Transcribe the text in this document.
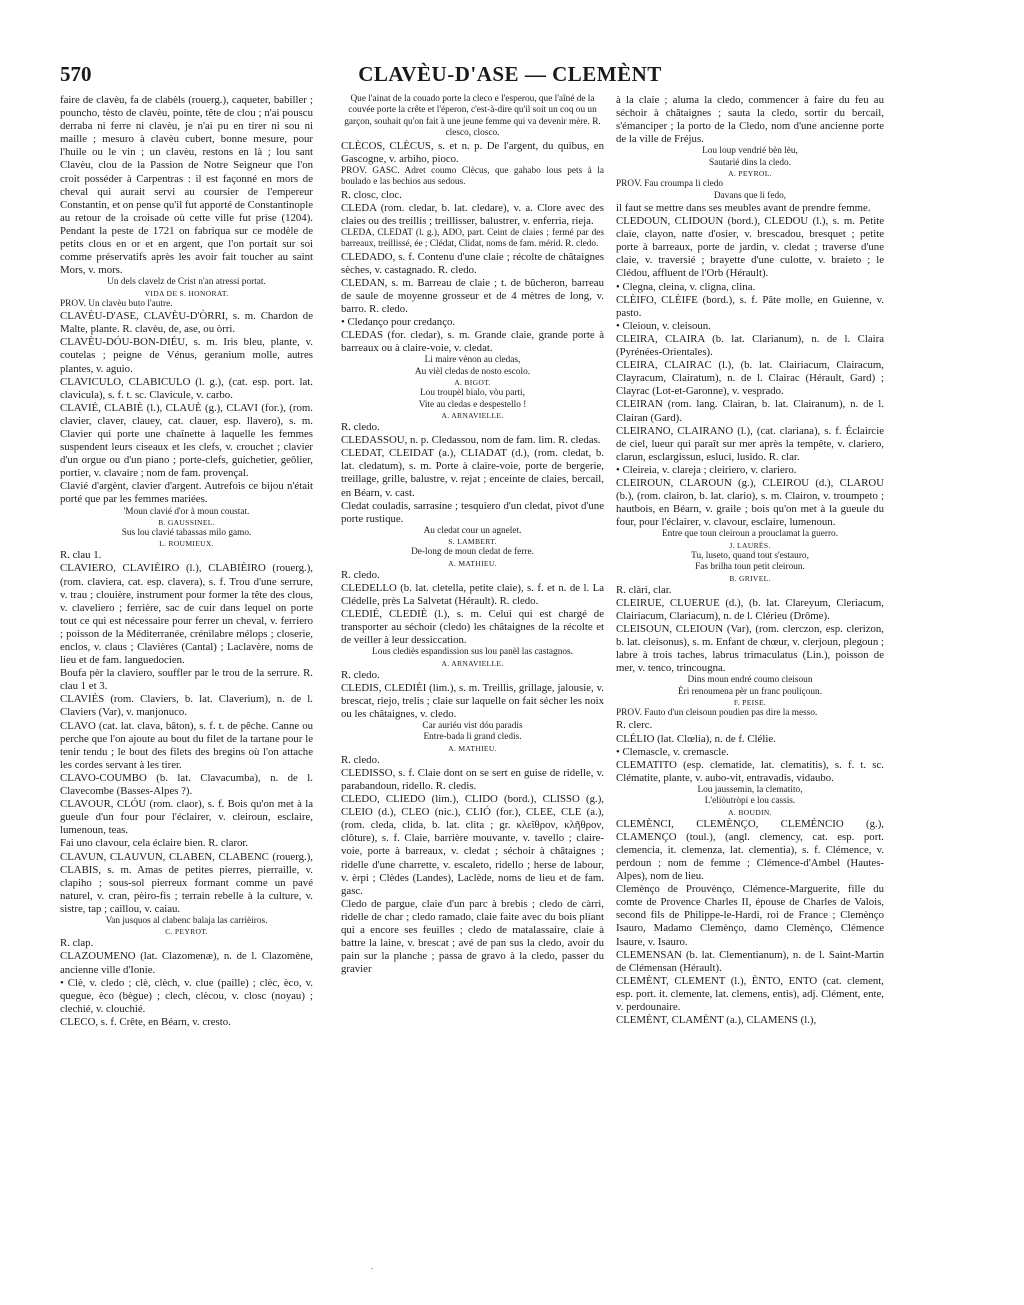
570	CLAVÈU-D'ASE — CLEMÈNT

faire de clavèu, fa de clabèls (rouerg.), caqueter, babiller ; pouncho, tèsto de clavèu, pointe, tête de clou ; n'ai pouscu derraba ni ferre ni clavèu, je n'ai pu en tirer ni sou ni maille ; mesuro à clavèu cubert, bonne mesure, pour l'huile ou le vin ; un clavèu, restons en là ; lou sant Clavèu, clou de la Passion de Notre Seigneur que l'on croit posséder à Carpentras : il est façonné en mors de cheval qui aurait servi au coursier de l'empereur Constantin, et on pense qu'il fut apporté de Constantinople au retour de la croisade où cette ville fut prise (1204). Pendant la peste de 1721 on fabriqua sur ce modèle de petits clous en or et en argent, que l'on portait sur soi comme préservatifs après les avoir fait toucher au saint Mors, v. mors.

Un dels clavelz de Crist n'an atressi portat.

VIDA DE S. HONORAT.

PROV. Un clavèu buto l'autre.

CLAVÈU-D'ASE, CLAVÈU-D'ÒRRI, s. m. Chardon de Malte, plante. R. clavèu, de, ase, ou òrri.

CLAVÈU-DÓU-BON-DIÉU, s. m. Iris bleu, plante, v. coutelas ; peigne de Vénus, geranium molle, autres plantes, v. aguio.

CLAVICULO, CLABICULO (l. g.), (cat. esp. port. lat. clavicula), s. f. t. sc. Clavicule, v. carbo.

CLAVIÉ, CLABIÈ (l.), CLAUÈ (g.), CLAVI (for.), (rom. clavier, claver, clauey, cat. clauer, esp. llavero), s. m. Clavier qui porte une chaînette à laquelle les femmes suspendent leurs ciseaux et les clefs, v. crouchet ; clavier d'un orgue ou d'un piano ; porte-clefs, guichetier, geôlier, portier, v. clavaire ; nom de fam. provençal.

Clavié d'argènt, clavier d'argent. Autrefois ce bijou n'était porté que par les femmes mariées.

'Moun clavié d'or à moun coustat.

B. GAUSSINEL.

Sus lou clavié tabassas milo gamo.

L. ROUMIEUX.

R. clau 1.

CLAVIERO, CLAVIÈIRO (l.), CLABIÈIRO (rouerg.), (rom. claviera, cat. esp. clavera), s. f. Trou d'une serrure, v. trau ; clouière, instrument pour former la tête des clous, v. claveliero ; ferrière, sac de cuir dans lequel on porte tout ce qui est nécessaire pour ferrer un cheval, v. ferriero ; poisson de la Méditerranée, crénilabre mélops ; closerie, enclos, v. claus ; Clavières (Cantal) ; Laclavère, noms de lieu et de fam. languedocien.

Boufa pèr la claviero, souffler par le trou de la serrure. R. clau 1 et 3.

CLAVIÉS (rom. Claviers, b. lat. Claverium), n. de l. Claviers (Var), v. manjonuco.

CLAVO (cat. lat. clava, bâton), s. f. t. de pêche. Canne ou perche que l'on ajoute au bout du filet de la tartane pour le tenir tendu ; le bout des filets des bregins où l'on attache les cordes servant à les tirer.

CLAVO-COUMBO (b. lat. Clavacumba), n. de l. Clavecombe (Basses-Alpes ?).

CLAVOUR, CLÓU (rom. claor), s. f. Bois qu'on met à la gueule d'un four pour l'éclairer, v. cleiroun, esclaire, lumenoun, teas.

Fai uno clavour, cela éclaire bien. R. claror.

CLAVUN, CLAUVUN, CLABEN, CLABENC (rouerg.), CLABIS, s. m. Amas de petites pierres, pierraille, v. clapiho ; sous-sol pierreux formant comme un pavé naturel, v. cran, pèiro-fis ; terrain rebelle à la culture, v. sistre, tap ; caillou, v. caiau.

Van jusquos al clabenc balaja las carrièiros.

C. PEYROT.

R. clap.

CLAZOUMENO (lat. Clazomenæ), n. de l. Clazomène, ancienne ville d'Ionie.

• Clè, v. cledo ; clè, clèch, v. clue (paille) ; clèc, èco, v. quegue, èco (bègue) ; clech, clècou, v. closc (noyau) ; clechié, v. clouchié.

CLECO, s. f. Crête, en Béarn, v. cresto.

Que l'ainat de la couado porte la cleco e l'esperou, que l'aîné de la couvée porte la crête et l'éperon, c'est-à-dire qu'il soit un coq ou un garçon, souhait qu'on fait à une jeune femme qui va devenir mère. R. clesco, closco.

CLÈCOS, CLÈCUS, s. et n. p. De l'argent, du quibus, en Gascogne, v. arbiho, pioco.

PROV. GASC. Adret coumo Clècus, que gahabo lous pets à la boulado e las bechios aus sedous.

R. closc, cloc.

CLEDA (rom. cledar, b. lat. cledare), v. a. Clore avec des claies ou des treillis ; treillisser, balustrer, v. enferria, rieja.

CLEDA, CLEDAT (l. g.), ADO, part. Ceint de claies ; fermé par des barreaux, treillissé, ée ; Clédat, Clidat, noms de fam. mérid. R. cledo.

CLEDADO, s. f. Contenu d'une claie ; récolte de châtaignes sèches, v. castagnado. R. cledo.

CLEDAN, s. m. Barreau de claie ; t. de bûcheron, barreau de saule de moyenne grosseur et de 4 mètres de long, v. barro. R. cledo.

• Cledanço pour credanço.

CLEDAS (for. cledar), s. m. Grande claie, grande porte à barreaux ou à claire-voie, v. cledat.

Li maire vènon au cledas,

Au vièl cledas de nosto escolo.

A. BIGOT.

Lou troupèl bialo, vòu parti,

Vite au cledas e despestello !

A. ARNAVIELLE.

R. cledo.

CLEDASSOU, n. p. Cledassou, nom de fam. lim. R. cledas.

CLEDAT, CLEIDAT (a.), CLIADAT (d.), (rom. cledat, b. lat. cledatum), s. m. Porte à claire-voie, porte de bergerie, treillage, grille, balustre, v. rejat ; enceinte de claies, bercail, en Béarn, v. cast.

Cledat couladis, sarrasine ; tesquiero d'un cledat, pivot d'une porte rustique.

Au cledat cour un agnelet.

S. LAMBERT.

De-long de moun cledat de ferre.

A. MATHIEU.

R. cledo.

CLEDELLO (b. lat. cletella, petite claie), s. f. et n. de l. La Clédelle, près La Salvetat (Hérault). R. cledo.

CLEDIÉ, CLEDIÈ (l.), s. m. Celui qui est chargé de transporter au séchoir (cledo) les châtaignes de la récolte et de veiller à leur dessiccation.

Lous clediès espandission sus lou panèl las castagnos.

A. ARNAVIELLE.

R. cledo.

CLEDIS, CLEDIÈI (lim.), s. m. Treillis, grillage, jalousie, v. brescat, riejo, trelis ; claie sur laquelle on fait sécher les noix ou les châtaignes, v. cledo.

Car auriéu vist dóu paradis

Entre-bada li grand cledis.

A. MATHIEU.

R. cledo.

CLEDISSO, s. f. Claie dont on se sert en guise de ridelle, v. parabandoun, ridello. R. cledis.

CLEDO, CLIEDO (lim.), CLIDO (bord.), CLISSO (g.), CLEIO (d.), CLEO (nic.), CLIÓ (for.), CLEE, CLE (a.), (rom. cleda, clida, b. lat. clita ; gr. κλεῖθρον, κλῆθρον, clôture), s. f. Claie, barrière mouvante, v. tavello ; claire-voie, porte à barreaux, v. cledat ; séchoir à châtaignes ; ridelle d'une charrette, v. escaleto, ridello ; herse de labour, v. èrpi ; Clèdes (Landes), Laclède, noms de lieu et de fam. gasc.

Cledo de pargue, claie d'un parc à brebis ; cledo de càrri, ridelle de char ; cledo ramado, claie faite avec du bois pliant qui a encore ses feuilles ; cledo de matalassaire, claie à battre la laine, v. brescat ; avé de pan sus la cledo, avoir du pain sur la planche ; passa de gravo à la cledo, passer du gravier

à la claie ; aluma la cledo, commencer à faire du feu au séchoir à châtaignes ; sauta la cledo, sortir du bercail, s'émanciper ; la porto de la Cledo, nom d'une ancienne porte de la ville de Fréjus.

Lou loup vendrié bèn lèu,

Sautarié dins la cledo.

A. PEYROL.

PROV. Fau croumpa li cledo

Davans que li fedo,

il faut se mettre dans ses meubles avant de prendre femme.

CLEDOUN, CLIDOUN (bord.), CLEDOU (l.), s. m. Petite claie, clayon, natte d'osier, v. brescadou, bresquet ; petite porte à barreaux, porte de jardin, v. cledat ; traverse d'une claie, v. traversié ; brayette d'une culotte, v. braieto ; le Clédou, affluent de l'Orb (Hérault).

• Clegna, cleina, v. cligna, clina.

CLÈIFO, CLÈIFE (bord.), s. f. Pâte molle, en Guienne, v. pasto.

• Cleioun, v. cleisoun.

CLEIRA, CLAIRA (b. lat. Clarianum), n. de l. Claira (Pyrénées-Orientales).

CLEIRA, CLAIRAC (l.), (b. lat. Clairiacum, Clairacum, Clayracum, Clairatum), n. de l. Clairac (Hérault, Gard) ; Clayrac (Lot-et-Garonne), v. vesprado.

CLEIRAN (rom. lang. Clairan, b. lat. Clairanum), n. de l. Clairan (Gard).

CLEIRANO, CLAIRANO (l.), (cat. clariana), s. f. Éclaircie de ciel, lueur qui paraît sur mer après la tempête, v. clariero, clarun, esclargissun, esluci, lusido. R. clar.

• Cleireia, v. clareja ; cleiriero, v. clariero.

CLEIROUN, CLAROUN (g.), CLEIROU (d.), CLAROU (b.), (rom. clairon, b. lat. clario), s. m. Clairon, v. troumpeto ; hautbois, en Béarn, v. graile ; bois qu'on met à la gueule du four, pour l'éclairer, v. clavour, esclaire, lumenoun.

Entre que toun cleiroun a prouclamat la guerro.

J. LAURÈS.

Tu, luseto, quand tout s'estauro,

Fas brilha toun petit cleiroun.

B. GRIVEL.

R. clàri, clar.

CLEIRUE, CLUERUE (d.), (b. lat. Clareyum, Cleriacum, Clairiacum, Clariacum), n. de l. Clérieu (Drôme).

CLEISOUN, CLEIOUN (Var), (rom. clerczon, esp. clerizon, b. lat. cleisonus), s. m. Enfant de chœur, v. clerjoun, plegoun ; labre à trois taches, labrus trimaculatus (Lin.), poisson de mer, v. tenco, trincougna.

Dins moun endré coumo cleisoun

Èri renoumena pèr un franc pouliçoun.

F. PEISE.

PROV. Fauto d'un cleisoun poudien pas dire la messo.

R. clerc.

CLÉLIO (lat. Clœlia), n. de f. Clélie.

• Clemascle, v. cremascle.

CLEMATITO (esp. clematide, lat. clematitis), s. f. t. sc. Clématite, plante, v. aubo-vit, entravadis, vidaubo.

Lou jaussemin, la clematito,

L'eliòutròpi e lou cassis.

A. BOUDIN.

CLEMÈNCI, CLEMÈNÇO, CLEMÉNCIO (g.), CLAMENÇO (toul.), (angl. clemency, cat. esp. port. clemencia, it. clemenza, lat. clementia), s. f. Clémence, v. perdoun ; nom de femme ; Clémence-d'Ambel (Hautes-Alpes), nom de lieu.

Clemènço de Prouvènço, Clémence-Marguerite, fille du comte de Provence Charles II, épouse de Charles de Valois, second fils de Philippe-le-Hardi, roi de France ; Clemènço Isauro, Madamo Clemènço, damo Clemènço, Clémence Isaure, v. Isauro.

CLEMENSAN (b. lat. Clementianum), n. de l. Saint-Martin de Clémensan (Hérault).

CLEMÈNT, CLEMENT (l.), ÈNTO, ENTO (cat. clement, esp. port. it. clemente, lat. clemens, entis), adj. Clément, ente, v. perdounaire.

CLEMÈNT, CLAMÈNT (a.), CLAMENS (l.),

.
